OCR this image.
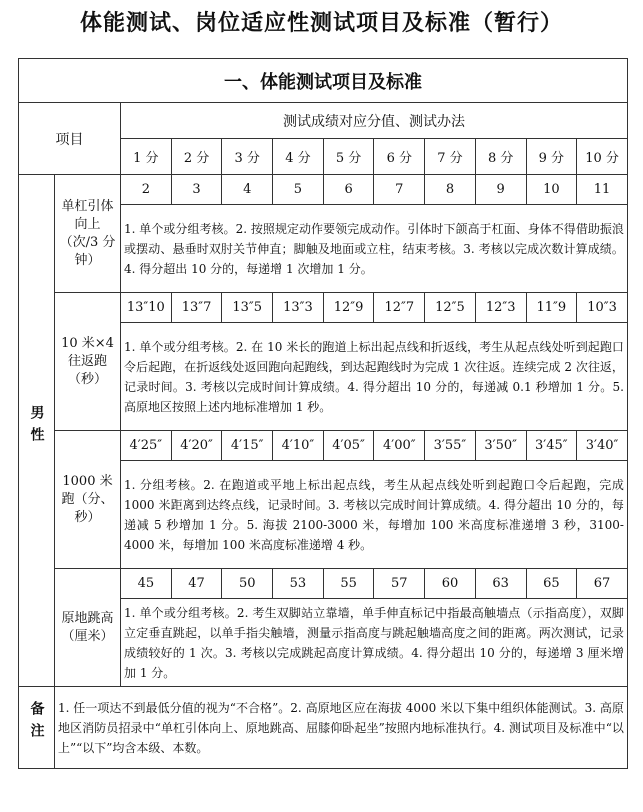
体能测试、岗位适应性测试项目及标准（暂行）
一、体能测试项目及标准											
项目		测试成绩对应分值、测试办法									
		1 分	2 分	3 分	4 分	5 分	6 分	7 分	8 分	9 分	10 分
男性	单杠引体向上（次/3 分钟）	2	3	4	5	6	7	8	9	10	11
		1. 单个或分组考核。2. 按照规定动作要领完成动作。引体时下颌高于杠面、身体不得借助振浪或摆动、悬垂时双肘关节伸直；脚触及地面或立柱，结束考核。3. 考核以完成次数计算成绩。4. 得分超出 10 分的，每递增 1 次增加 1 分。									
	10 米×4往返跑（秒）	13″10	13″7	13″5	13″3	12″9	12″7	12″5	12″3	11″9	10″3
		1. 单个或分组考核。2. 在 10 米长的跑道上标出起点线和折返线，考生从起点线处听到起跑口令后起跑，在折返线处返回跑向起跑线，到达起跑线时为完成 1 次往返。连续完成 2 次往返，记录时间。3. 考核以完成时间计算成绩。4. 得分超出 10 分的，每递减 0.1 秒增加 1 分。5. 高原地区按照上述内地标准增加 1 秒。									
	1000 米跑（分、秒）	4′25″	4′20″	4′15″	4′10″	4′05″	4′00″	3′55″	3′50″	3′45″	3′40″
		1. 分组考核。2. 在跑道或平地上标出起点线，考生从起点线处听到起跑口令后起跑，完成 1000 米距离到达终点线，记录时间。3. 考核以完成时间计算成绩。4. 得分超出 10 分的，每递减 5 秒增加 1 分。5. 海拔 2100-3000 米，每增加 100 米高度标准递增 3 秒，3100-4000 米，每增加 100 米高度标准递增 4 秒。									
	原地跳高（厘米）	45	47	50	53	55	57	60	63	65	67
		1. 单个或分组考核。2. 考生双脚站立靠墙，单手伸直标记中指最高触墙点（示指高度），双脚立定垂直跳起，以单手指尖触墙，测量示指高度与跳起触墙高度之间的距离。两次测试，记录成绩较好的 1 次。3. 考核以完成跳起高度计算成绩。4. 得分超出 10 分的，每递增 3 厘米增加 1 分。									
备注	1. 任一项达不到最低分值的视为“不合格”。2. 高原地区应在海拔 4000 米以下集中组织体能测试。3. 高原地区消防员招录中“单杠引体向上、原地跳高、屈膝仰卧起坐”按照内地标准执行。4. 测试项目及标准中“以上”“以下”均含本级、本数。										
